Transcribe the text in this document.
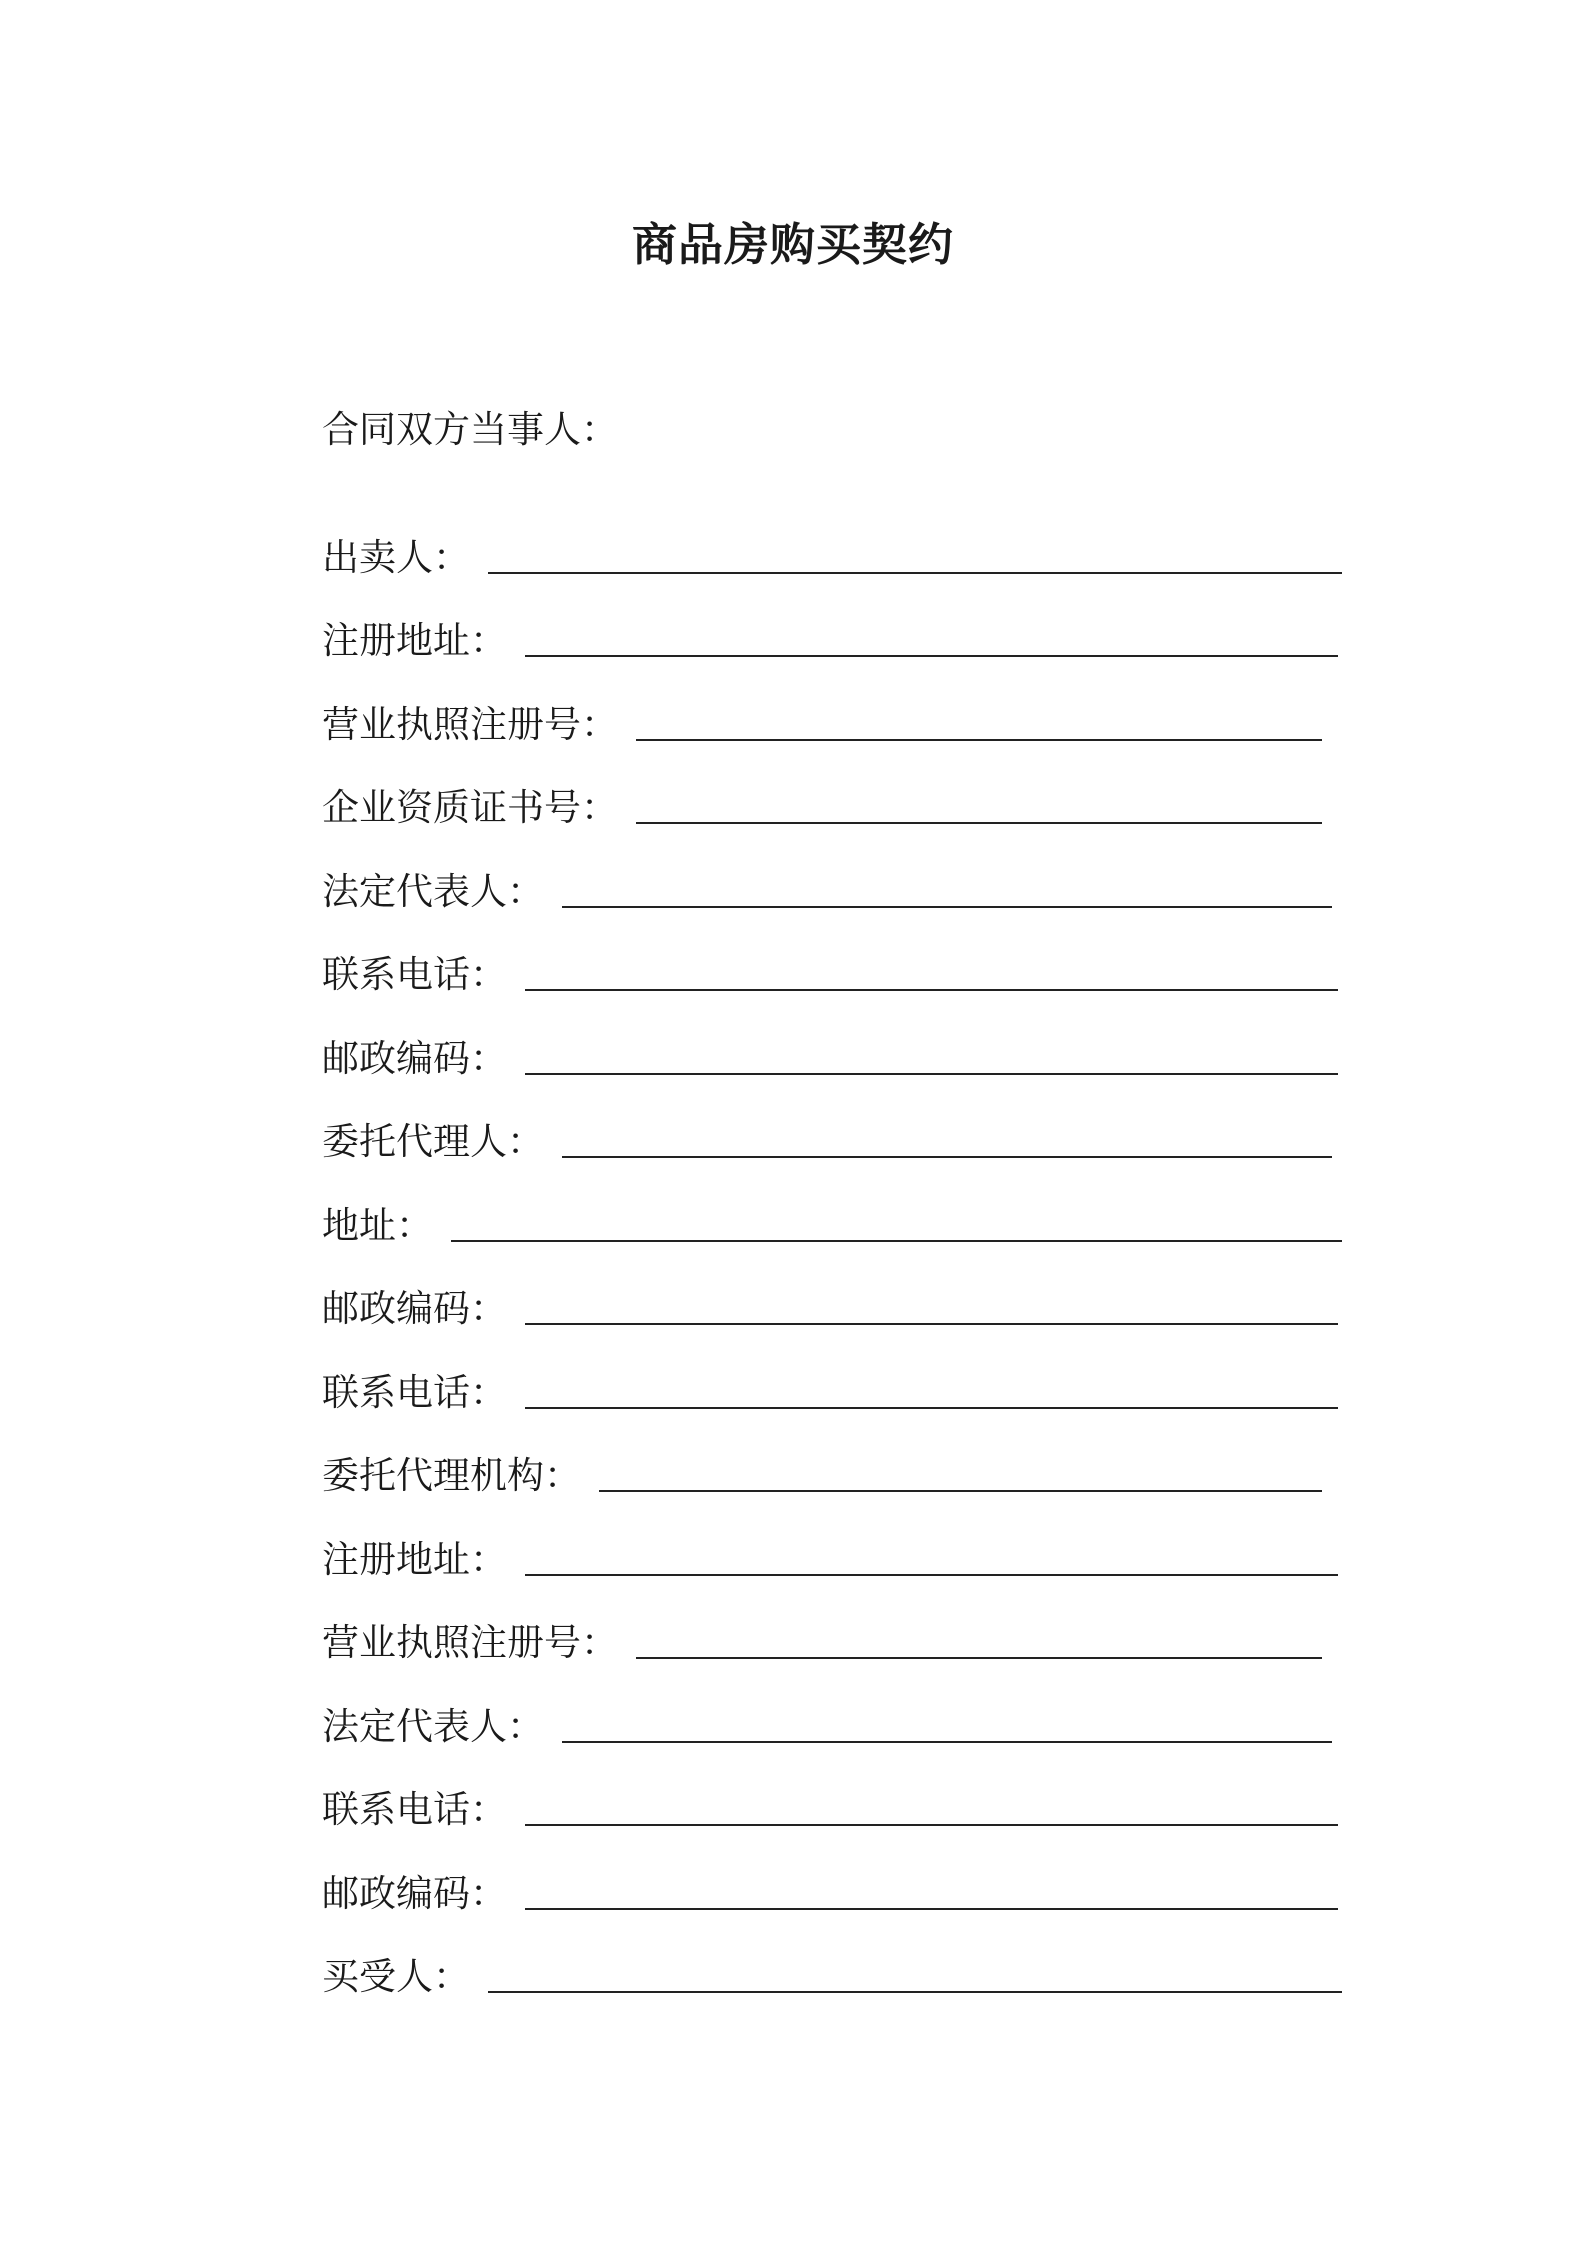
商品房购买契约

合同双方当事人：

出卖人 ：
注册地址 ：
营业执照注册号 ：
企业资质证书号 ：
法定代表人 ：
联系电话 ：
邮政编码 ：
委托代理人 ：
地址 ：
邮政编码 ：
联系电话 ：
委托代理机构 ：
注册地址 ：
营业执照注册号 ：
法定代表人 ：
联系电话 ：
邮政编码 ：
买受人 ：
